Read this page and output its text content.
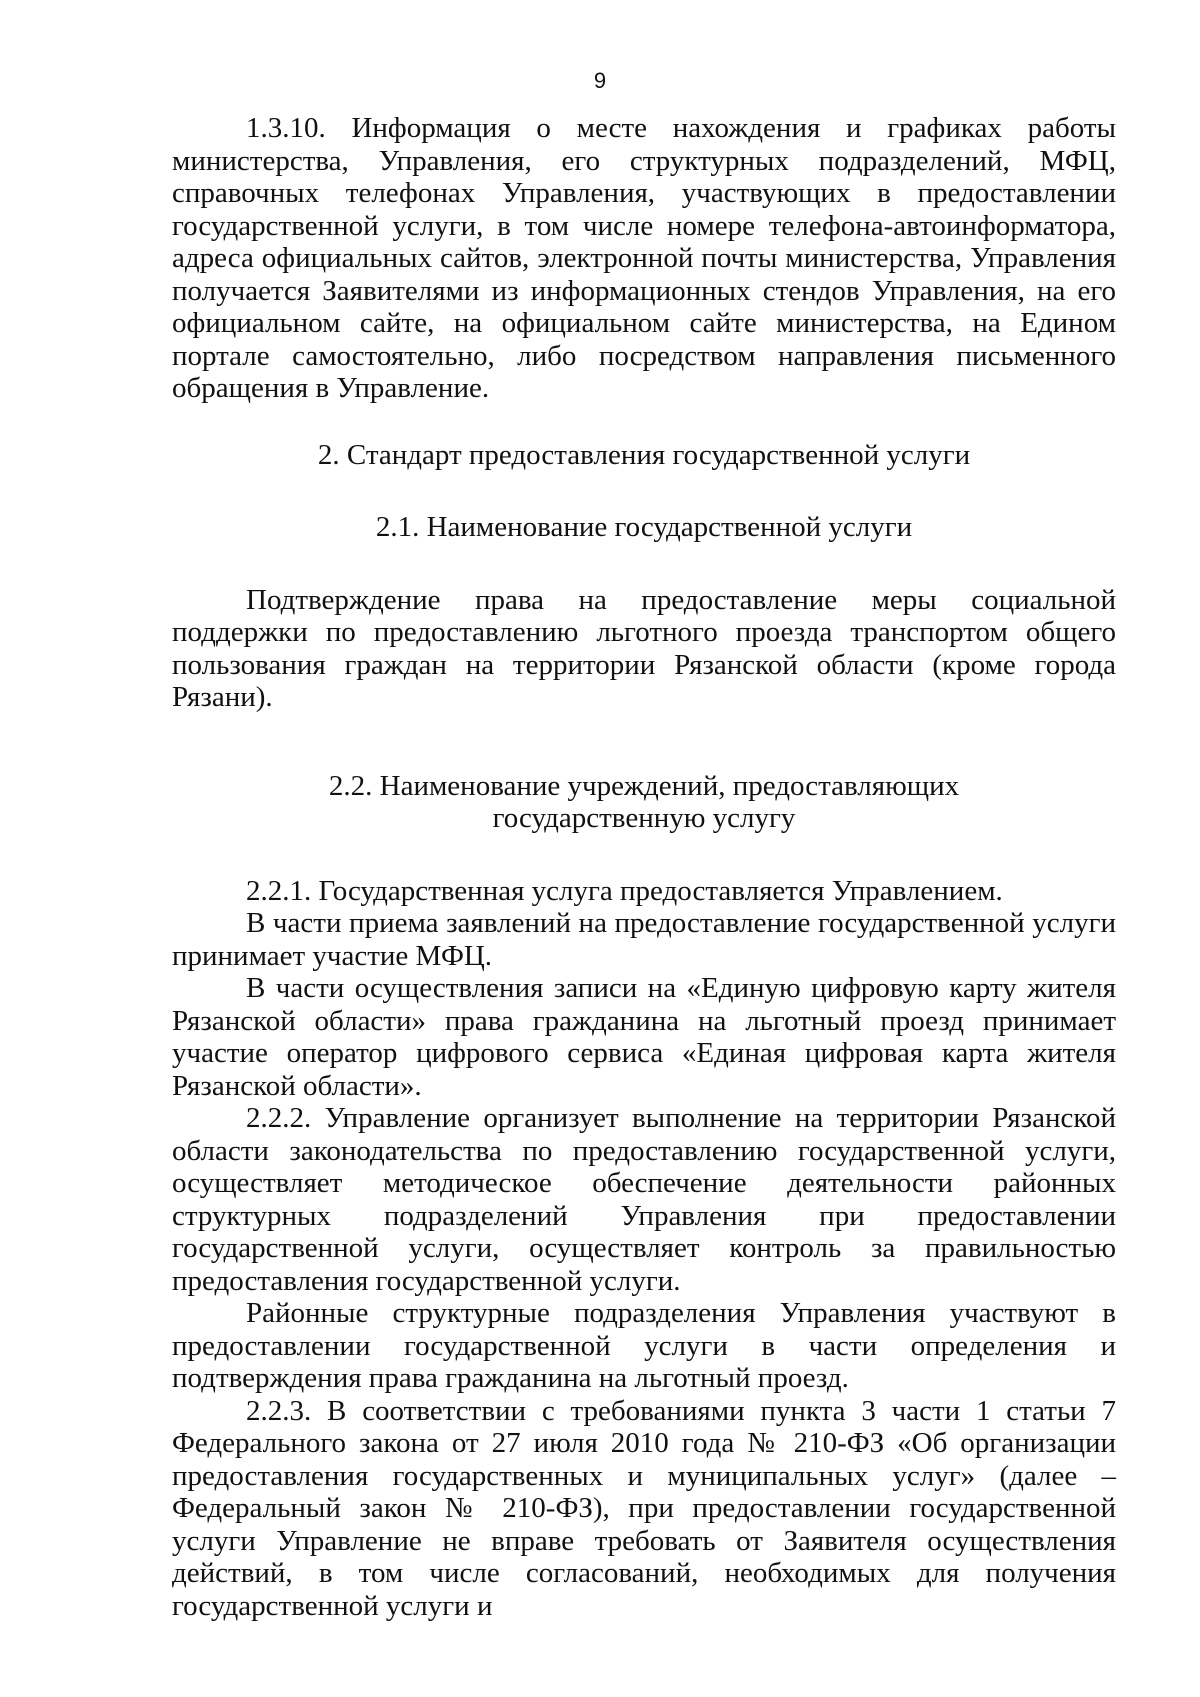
9

1.3.10. Информация о месте нахождения и графиках работы министерства, Управления, его структурных подразделений, МФЦ, справочных телефонах Управления, участвующих в предоставлении государственной услуги, в том числе номере телефона-автоинформатора, адреса официальных сайтов, электронной почты министерства, Управления получается Заявителями из информационных стендов Управления, на его официальном сайте, на официальном сайте министерства, на Едином портале самостоятельно, либо посредством направления письменного обращения в Управление.

2. Стандарт предоставления государственной услуги
2.1. Наименование государственной услуги

Подтверждение права на предоставление меры социальной поддержки по предоставлению льготного проезда транспортом общего пользования граждан на территории Рязанской области (кроме города Рязани).

2.2. Наименование учреждений, предоставляющих
государственную услугу

2.2.1. Государственная услуга предоставляется Управлением.

В части приема заявлений на предоставление государственной услуги принимает участие МФЦ.

В части осуществления записи на «Единую цифровую карту жителя Рязанской области» права гражданина на льготный проезд принимает участие оператор цифрового сервиса «Единая цифровая карта жителя Рязанской области».

2.2.2. Управление организует выполнение на территории Рязанской области законодательства по предоставлению государственной услуги, осуществляет методическое обеспечение деятельности районных структурных подразделений Управления при предоставлении государственной услуги, осуществляет контроль за правильностью предоставления государственной услуги.

Районные структурные подразделения Управления участвуют в предоставлении государственной услуги в части определения и подтверждения права гражданина на льготный проезд.

2.2.3. В соответствии с требованиями пункта 3 части 1 статьи 7 Федерального закона от 27 июля 2010 года № 210-ФЗ «Об организации предоставления государственных и муниципальных услуг» (далее – Федеральный закон № 210-ФЗ), при предоставлении государственной услуги Управление не вправе требовать от Заявителя осуществления действий, в том числе согласований, необходимых для получения государственной услуги и
